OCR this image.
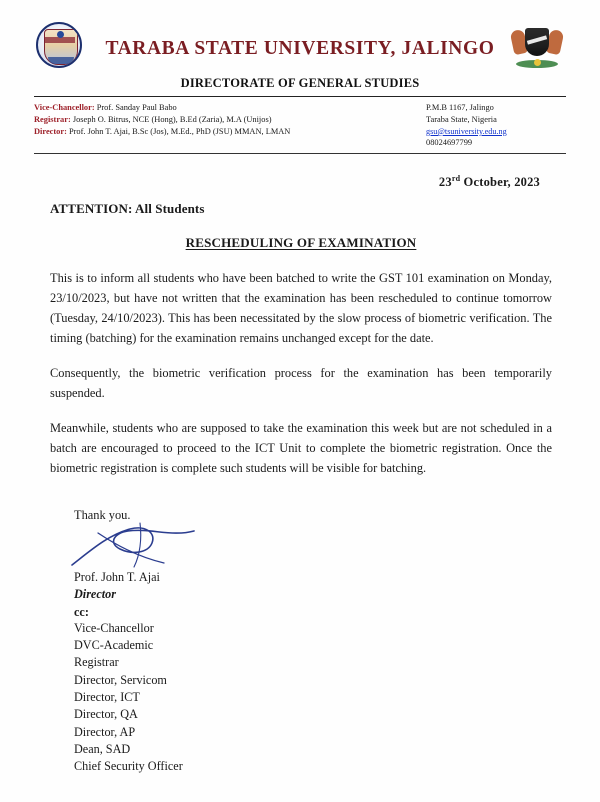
TARABA STATE UNIVERSITY, JALINGO
DIRECTORATE OF GENERAL STUDIES
Vice-Chancellor: Prof. Sanday Paul Babo
Registrar: Joseph O. Bitrus, NCE (Hong), B.Ed (Zaria), M.A (Unijos)
Director: Prof. John T. Ajai, B.Sc (Jos), M.Ed., PhD (JSU) MMAN, LMAN
P.M.B 1167, Jalingo
Taraba State, Nigeria
gsu@tsuniversity.edu.ng
08024697799
23rd October, 2023
ATTENTION: All Students
RESCHEDULING OF EXAMINATION

This is to inform all students who have been batched to write the GST 101 examination on Monday, 23/10/2023, but have not written that the examination has been rescheduled to continue tomorrow (Tuesday, 24/10/2023). This has been necessitated by the slow process of biometric verification. The timing (batching) for the examination remains unchanged except for the date.

Consequently, the biometric verification process for the examination has been temporarily suspended.

Meanwhile, students who are supposed to take the examination this week but are not scheduled in a batch are encouraged to proceed to the ICT Unit to complete the biometric registration. Once the biometric registration is complete such students will be visible for batching.

Thank you.
Prof. John T. Ajai
Director
cc:
Vice-Chancellor
DVC-Academic
Registrar
Director, Servicom
Director, ICT
Director, QA
Director, AP
Dean, SAD
Chief Security Officer
